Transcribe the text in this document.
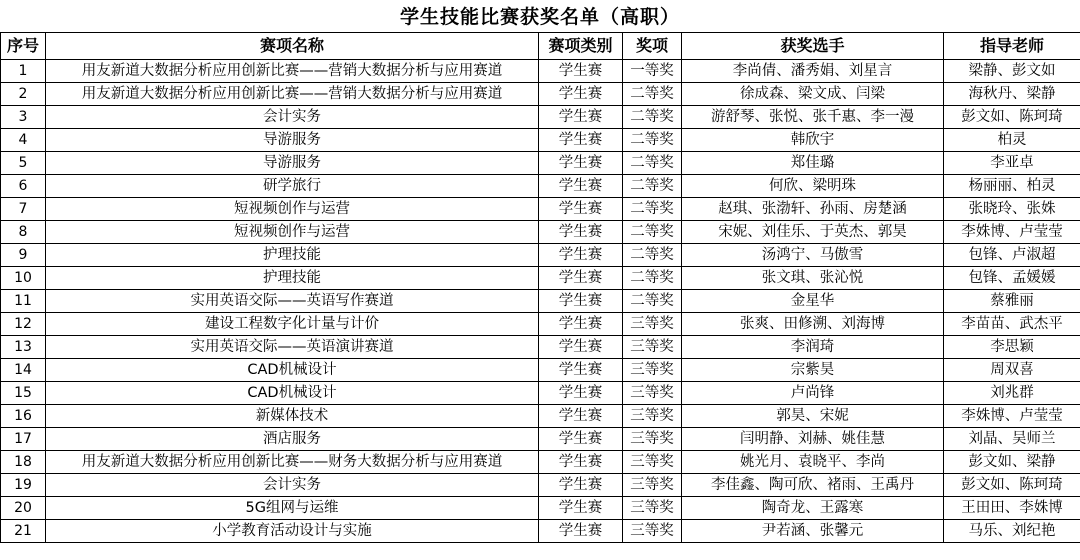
学生技能比赛获奖名单（高职）
序号	赛项名称	赛项类别	奖项	获奖选手	指导老师
1	用友新道大数据分析应用创新比赛——营销大数据分析与应用赛道	学生赛	一等奖	李尚倩、潘秀娟、刘星言	梁静、彭文如
2	用友新道大数据分析应用创新比赛——营销大数据分析与应用赛道	学生赛	二等奖	徐成森、梁文成、闫梁	海秋丹、梁静
3	会计实务	学生赛	二等奖	游舒琴、张悦、张千惠、李一漫	彭文如、陈珂琦
4	导游服务	学生赛	二等奖	韩欣宇	柏灵
5	导游服务	学生赛	二等奖	郑佳璐	李亚卓
6	研学旅行	学生赛	二等奖	何欣、梁明珠	杨丽丽、柏灵
7	短视频创作与运营	学生赛	二等奖	赵琪、张渤轩、孙雨、房楚涵	张晓玲、张姝
8	短视频创作与运营	学生赛	二等奖	宋妮、刘佳乐、于英杰、郭昊	李姝博、卢莹莹
9	护理技能	学生赛	二等奖	汤鸿宁、马傲雪	包锋、卢淑超
10	护理技能	学生赛	二等奖	张文琪、张沁悦	包锋、孟媛媛
11	实用英语交际——英语写作赛道	学生赛	二等奖	金星华	蔡雅丽
12	建设工程数字化计量与计价	学生赛	三等奖	张爽、田修溯、刘海博	李苗苗、武杰平
13	实用英语交际——英语演讲赛道	学生赛	三等奖	李润琦	李思颖
14	CAD机械设计	学生赛	三等奖	宗紫昊	周双喜
15	CAD机械设计	学生赛	三等奖	卢尚锋	刘兆群
16	新媒体技术	学生赛	三等奖	郭昊、宋妮	李姝博、卢莹莹
17	酒店服务	学生赛	三等奖	闫明静、刘赫、姚佳慧	刘晶、吴师兰
18	用友新道大数据分析应用创新比赛——财务大数据分析与应用赛道	学生赛	三等奖	姚光月、袁晓平、李尚	彭文如、梁静
19	会计实务	学生赛	三等奖	李佳鑫、陶可欣、褚雨、王禹丹	彭文如、陈珂琦
20	5G组网与运维	学生赛	三等奖	陶奇龙、王露寒	王田田、李姝博
21	小学教育活动设计与实施	学生赛	三等奖	尹若涵、张馨元	马乐、刘纪艳
